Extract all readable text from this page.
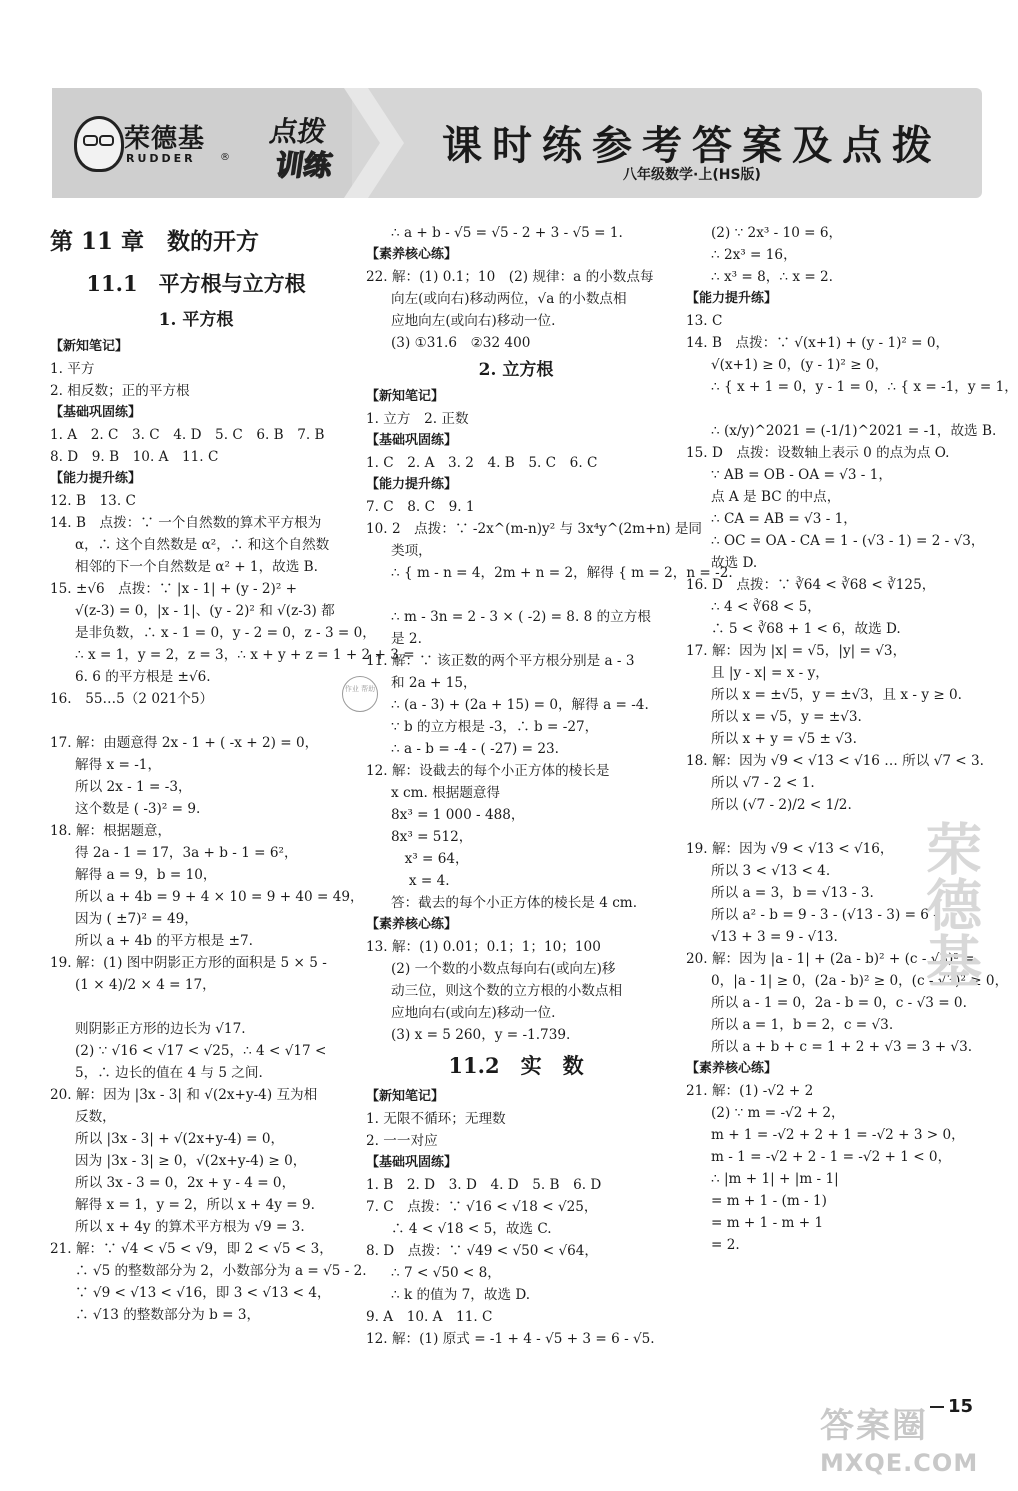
荣德基
RUDDER ®
点拨
训练	课时练参考答案及点拨
八年级数学·上(HS版)
第 11 章　数的开方
11.1　平方根与立方根
1. 平方根
【新知笔记】
1. 平方
2. 相反数；正的平方根
【基础巩固练】
1. A　2. C　3. C　4. D　5. C　6. B　7. B
8. D　9. B　10. A　11. C
【能力提升练】
12. B　13. C
14. B　点拨：∵ 一个自然数的算术平方根为
α，∴ 这个自然数是 α²，∴ 和这个自然数
相邻的下一个自然数是 α² + 1，故选 B.
15. ±√6　点拨：∵ |x - 1| + (y - 2)² +
√(z-3) = 0，|x - 1|、(y - 2)² 和 √(z-3) 都
是非负数，∴ x - 1 = 0，y - 2 = 0，z - 3 = 0，
∴ x = 1，y = 2，z = 3，∴ x + y + z = 1 + 2 + 3 =
6. 6 的平方根是 ±√6.
16.　55…5（2 021个5）

17. 解：由题意得 2x - 1 + ( -x + 2) = 0，
解得 x = -1，
所以 2x - 1 = -3，
这个数是 ( -3)² = 9.
18. 解：根据题意，
得 2a - 1 = 17，3a + b - 1 = 6²，
解得 a = 9，b = 10，
所以 a + 4b = 9 + 4 × 10 = 9 + 40 = 49，
因为 ( ±7)² = 49，
所以 a + 4b 的平方根是 ±7.
19. 解：(1) 图中阴影正方形的面积是 5 × 5 -
(1 × 4)/2 × 4 = 17，

则阴影正方形的边长为 √17.
(2) ∵ √16 < √17 < √25，∴ 4 < √17 <
5，∴ 边长的值在 4 与 5 之间.
20. 解：因为 |3x - 3| 和 √(2x+y-4) 互为相
反数，
所以 |3x - 3| + √(2x+y-4) = 0，
因为 |3x - 3| ≥ 0，√(2x+y-4) ≥ 0，
所以 3x - 3 = 0，2x + y - 4 = 0，
解得 x = 1，y = 2，所以 x + 4y = 9.
所以 x + 4y 的算术平方根为 √9 = 3.
21. 解：∵ √4 < √5 < √9，即 2 < √5 < 3，
∴ √5 的整数部分为 2，小数部分为 a = √5 - 2.
∵ √9 < √13 < √16，即 3 < √13 < 4，
∴ √13 的整数部分为 b = 3，
∴ a + b - √5 = √5 - 2 + 3 - √5 = 1.
【素养核心练】
22. 解：(1) 0.1；10　(2) 规律：a 的小数点每
向左(或向右)移动两位，√a 的小数点相
应地向左(或向右)移动一位.
(3) ①31.6　②32 400
2. 立方根
【新知笔记】
1. 立方　2. 正数
【基础巩固练】
1. C　2. A　3. 2　4. B　5. C　6. C
【能力提升练】
7. C　8. C　9. 1
10. 2　点拨：∵ -2x^(m-n)y² 与 3x⁴y^(2m+n) 是同
类项，
∴ { m - n = 4，2m + n = 2，解得 { m = 2，n = -2.

∴ m - 3n = 2 - 3 × ( -2) = 8. 8 的立方根
是 2.
11. 解：∵ 该正数的两个平方根分别是 a - 3
和 2a + 15，
∴ (a - 3) + (2a + 15) = 0，解得 a = -4.
∵ b 的立方根是 -3，∴ b = -27，
∴ a - b = -4 - ( -27) = 23.
12. 解：设截去的每个小正方体的棱长是
x cm. 根据题意得
8x³ = 1 000 - 488，
8x³ = 512，
　x³ = 64，
　 x = 4.
答：截去的每个小正方体的棱长是 4 cm.
【素养核心练】
13. 解：(1) 0.01；0.1；1；10；100
(2) 一个数的小数点每向右(或向左)移
动三位，则这个数的立方根的小数点相
应地向右(或向左)移动一位.
(3) x = 5 260，y = -1.739.
11.2　实　数
【新知笔记】
1. 无限不循环；无理数
2. 一一对应
【基础巩固练】
1. B　2. D　3. D　4. D　5. B　6. D
7. C　点拨：∵ √16 < √18 < √25，
∴ 4 < √18 < 5，故选 C.
8. D　点拨：∵ √49 < √50 < √64，
∴ 7 < √50 < 8，
∴ k 的值为 7，故选 D.
9. A　10. A　11. C
12. 解：(1) 原式 = -1 + 4 - √5 + 3 = 6 - √5.
(2) ∵ 2x³ - 10 = 6，
∴ 2x³ = 16，
∴ x³ = 8，∴ x = 2.
【能力提升练】
13. C
14. B　点拨：∵ √(x+1) + (y - 1)² = 0，
√(x+1) ≥ 0，(y - 1)² ≥ 0，
∴ { x + 1 = 0，y - 1 = 0，∴ { x = -1，y = 1，

∴ (x/y)^2021 = (-1/1)^2021 = -1，故选 B.
15. D　点拨：设数轴上表示 0 的点为点 O.
∵ AB = OB - OA = √3 - 1，
点 A 是 BC 的中点，
∴ CA = AB = √3 - 1，
∴ OC = OA - CA = 1 - (√3 - 1) = 2 - √3，
故选 D.
16. D　点拨：∵ ∛64 < ∛68 < ∛125，
∴ 4 < ∛68 < 5，
∴ 5 < ∛68 + 1 < 6，故选 D.
17. 解：因为 |x| = √5，|y| = √3，
且 |y - x| = x - y，
所以 x = ±√5，y = ±√3，且 x - y ≥ 0.
所以 x = √5，y = ±√3.
所以 x + y = √5 ± √3.
18. 解：因为 √9 < √13 < √16 … 所以 √7 < 3.
所以 √7 - 2 < 1.
所以 (√7 - 2)/2 < 1/2.

19. 解：因为 √9 < √13 < √16，
所以 3 < √13 < 4.
所以 a = 3，b = √13 - 3.
所以 a² - b = 9 - 3 - (√13 - 3) = 6 -
√13 + 3 = 9 - √13.
20. 解：因为 |a - 1| + (2a - b)² + (c - √3)² =
0，|a - 1| ≥ 0，(2a - b)² ≥ 0，(c - √3)² ≥ 0，
所以 a - 1 = 0，2a - b = 0，c - √3 = 0.
所以 a = 1，b = 2，c = √3.
所以 a + b + c = 1 + 2 + √3 = 3 + √3.
【素养核心练】
21. 解：(1) -√2 + 2
(2) ∵ m = -√2 + 2，
m + 1 = -√2 + 2 + 1 = -√2 + 3 > 0，
m - 1 = -√2 + 2 - 1 = -√2 + 1 < 0，
∴ |m + 1| + |m - 1|
= m + 1 - (m - 1)
= m + 1 - m + 1
= 2.
作业 帮助
荣德基
15
答案圈
MXQE.COM
